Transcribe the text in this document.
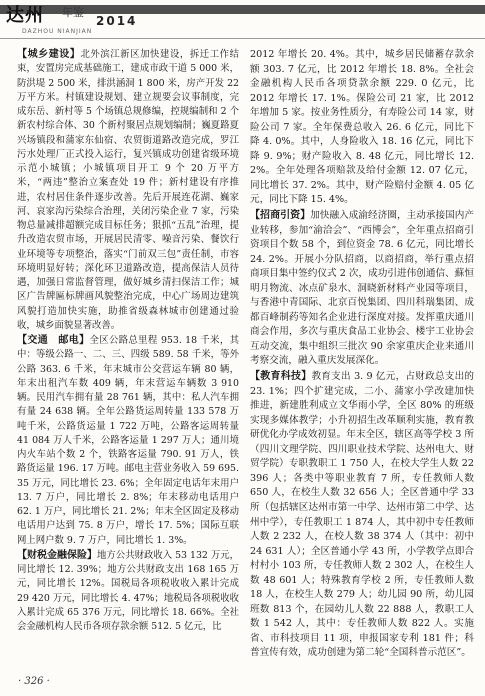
达州 年鉴
2014
DAZHOU NIANJIAN

【城乡建设】北外滨江新区加快建设，拆迁工作结束，安置房完成基础施工，建成市政干道 5 000 米，防洪堤 2 500 米，排洪涵洞 1 800 米，房产开发 22 万平方米。村镇建设规划、建立规要会议事制度，完成东岳、新村等 5 个场镇总规修编，控规编制和 2 个新农村综合体、30 个新村聚居点规划编制；巍夏路夏兴场镇段和蒲家东仙宿、农贸街道路改造完成，罗江污水处理厂正式投入运行，复兴镇成功创建省级环境示范小城镇；小城镇项目开工 9 个 20 万平方米，“两违”整治立案查处 19 件；新村建设有序推进，农村居住条件逐步改善。先后开展连花湖、巍家河、哀家沟污染综合治理，关闭污染企业 7 家，污染物总量减排超额完成目标任务；狠抓“五乱”治理，提升改造农贸市场，开展居民清零、噪音污染、餐饮行业环境等专项整治，落实“门前双三包”责任制，市容环境明显好转；深化环卫道路改造，提高保洁人员待遇，加强日常监督管理，做好城乡清扫保洁工作；城区广告牌匾标牌画风貌整治完成，中心广场周边建筑风貌打造加快实施，助推省级森林城市创建通过验收，城乡面貌显著改善。

【交通　邮电】全区公路总里程 953. 18 千米，其中：等级公路一、二、三、四级 589. 58 千米，等外公路 363. 6 千米，年末城市公交营运车辆 80 辆，年末出租汽车数 409 辆，年末营运车辆数 3 910 辆。民用汽车拥有量 28 761 辆，其中：私人汽车拥有量 24 638 辆。全年公路货运周转量 133 578 万吨千米，公路货运量 1 722 万吨，公路客运周转量 41 084 万人千米，公路客运量 1 297 万人；通川境内火车站个数 2 个，铁路客运量 790. 91 万人，铁路货运量 196. 17 万吨。邮电主营业务收入 59 695. 35 万元，同比增长 23. 6%；全年固定电话年末用户 13. 7 万户，同比增长 2. 8%；年末移动电话用户 62. 1 万户，同比增长 21. 2%；年末全区固定及移动电话用户达到 75. 8 万户，增长 17. 5%；国际互联网上网户数 9. 7 万户，同比增长 1. 3%。

【财税金融保险】地方公共财政收入 53 132 万元，同比增长 12. 39%；地方公共财政支出 168 165 万元，同比增长 12%。国税局各项税收收入累计完成 29 420 万元，同比增长 4. 47%；地税局各项税收收入累计完成 65 376 万元，同比增长 18. 66%。全社会金融机构人民币各项存款余额 512. 5 亿元，比

2012 年增长 20. 4%。其中，城乡居民储蓄存款余额 303. 7 亿元，比 2012 年增长 18. 8%。全社会金融机构人民币各项贷款余额 229. 0 亿元，比 2012 年增长 17. 1%。保险公司 21 家，比 2012 年增加 5 家。按业务性质分，有寿险公司 14 家，财险公司 7 家。全年保费总收入 26. 6 亿元，同比下降 4. 0%。其中，人身险收入 18. 16 亿元，同比下降 9. 9%；财产险收入 8. 48 亿元，同比增长 12. 2%。全年处理各项赔款及给付金额 12. 07 亿元，同比增长 37. 2%。其中，财产险赔付金额 4. 05 亿元，同比下降 15. 4%。

【招商引资】加快融入成渝经济圈，主动承接国内产业转移，参加“渝洽会”、“西博会”，全年重点招商引资项目个数 58 个，到位资金 78. 6 亿元，同比增长 24. 2%。开展小分队招商，以商招商，举行重点招商项目集中签约仪式 2 次，成功引进伟创通信、蘇恒明月物流、冰点矿泉水、洞晓新材料产业园等项目，与香港中青国际、北京百悦集团、四川科瑞集团、成都百峰制药等知名企业进行深度对接。发挥重庆通川商会作用，多次与重庆食品工业协会、楼宇工业协会互动交流，集中组织三批次 90 余家重庆企业来通川考察交流，融入重庆发展深化。

【教育科技】教育支出 3. 9 亿元，占财政总支出的 23. 1%；四个扩建完成，二小、蒲家小学改建加快推进，新建胜利成立文华雨小学，全区 80% 的班级实现多媒体教学；小升初招生改革顺利实施，教育教研优化办学成效初显。年末全区，辖区高等学校 3 所（四川文理学院、四川职业技术学院、达州电大、财贸学院）专职教职工 1 750 人，在校大学生人数 22 396 人；各类中等职业教育 7 所，专任教师人数 650 人，在校生人数 32 656 人；全区普通中学 33 所（包括辖区达州市第一中学、达州市第二中学、达州中学），专任教职工 1 874 人，其中初中专任教师人数 2 232 人，在校人数 38 374 人（其中：初中 24 631 人）；全区普通小学 43 所，小学教学点即合村村小 103 所，专任教师人数 2 302 人，在校生人数 48 601 人；特殊教育学校 2 所，专任教师人数 18 人，在校生人数 279 人；幼儿园 90 所，幼儿园班数 813 个，在园幼儿人数 22 888 人，教职工人数 1 542 人，其中：专任教师人数 822 人。实施省、市科技项目 11 项，申报国家专利 181 件；科普宣传有效，成功创建为第二轮“全国科普示范区”。

· 326 ·
